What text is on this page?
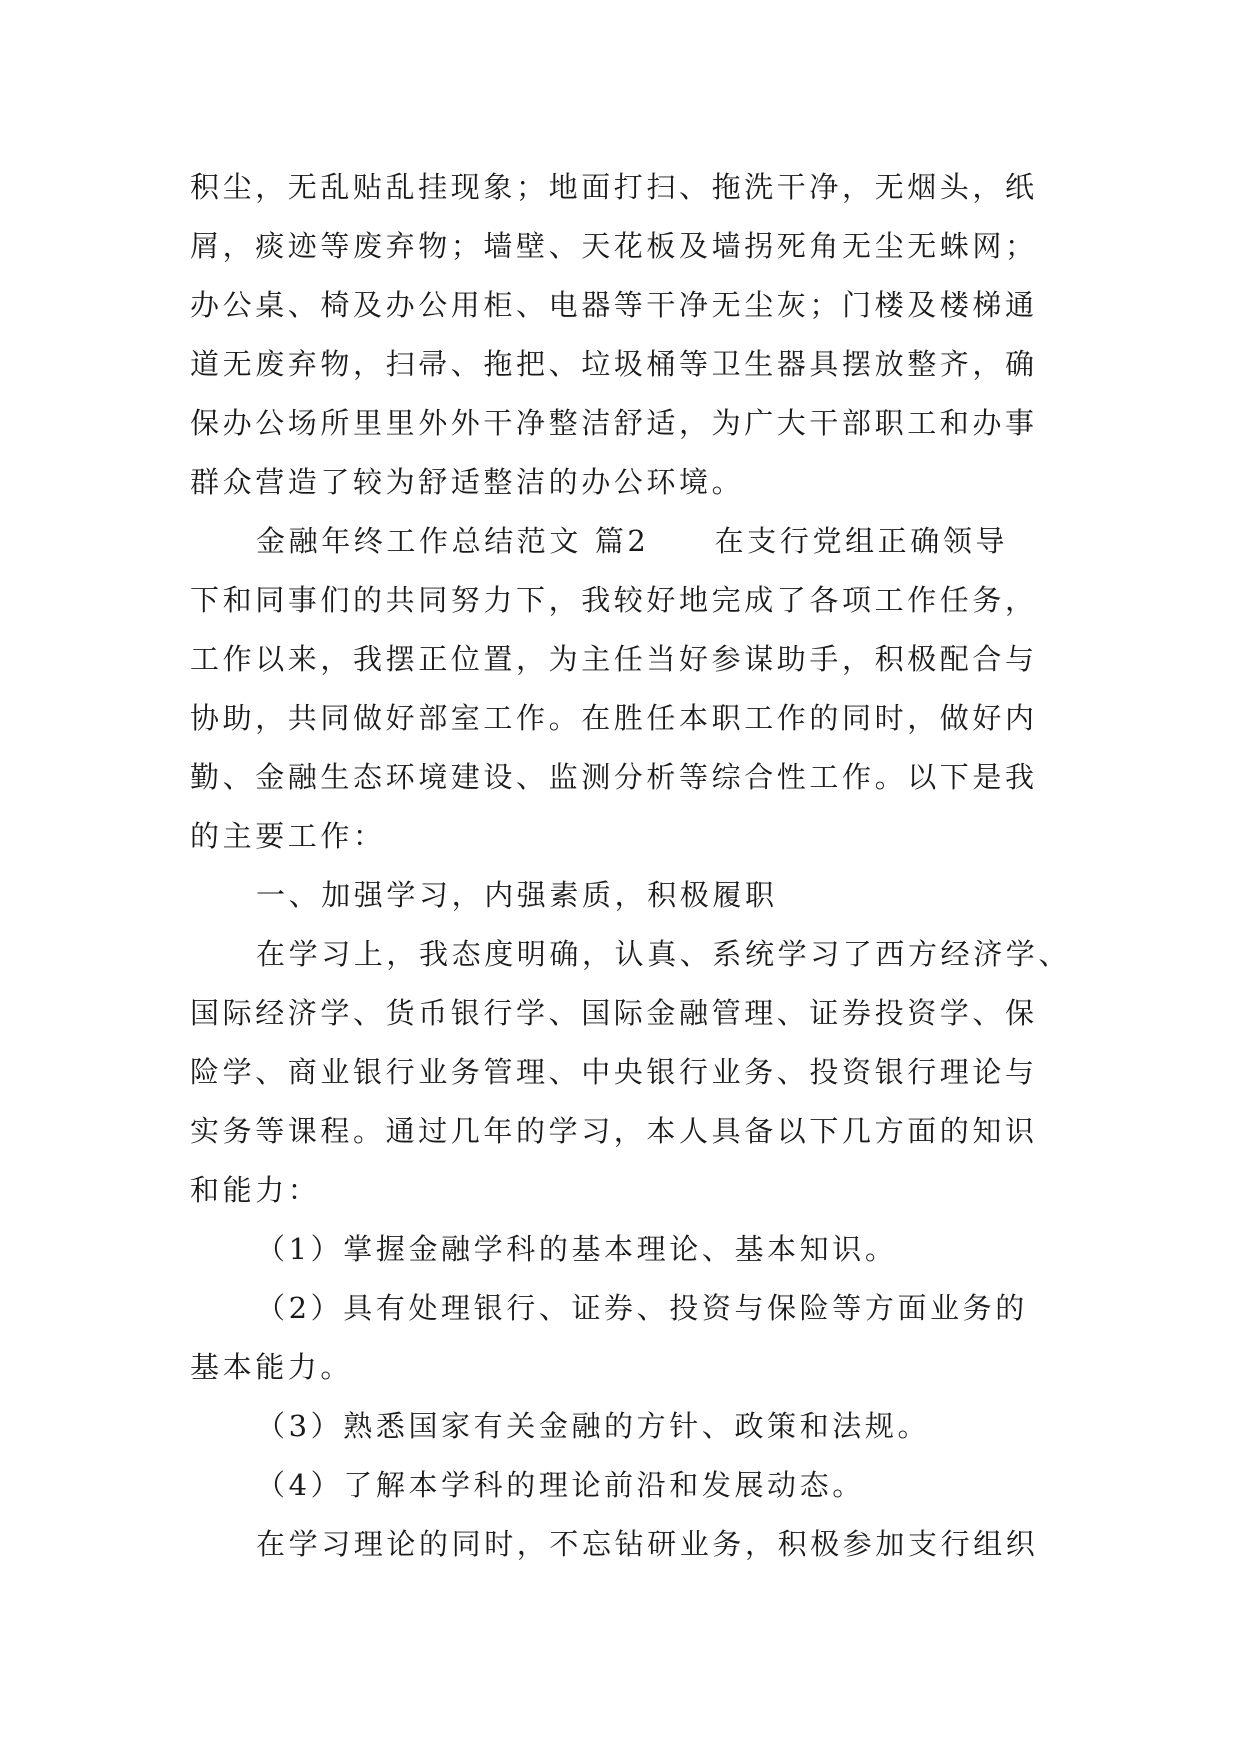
积尘，无乱贴乱挂现象；地面打扫、拖洗干净，无烟头，纸
屑，痰迹等废弃物；墙壁、天花板及墙拐死角无尘无蛛网；
办公桌、椅及办公用柜、电器等干净无尘灰；门楼及楼梯通
道无废弃物，扫帚、拖把、垃圾桶等卫生器具摆放整齐，确
保办公场所里里外外干净整洁舒适，为广大干部职工和办事
群众营造了较为舒适整洁的办公环境。

金融年终工作总结范文 篇2　　在支行党组正确领导
下和同事们的共同努力下，我较好地完成了各项工作任务，
工作以来，我摆正位置，为主任当好参谋助手，积极配合与
协助，共同做好部室工作。在胜任本职工作的同时，做好内
勤、金融生态环境建设、监测分析等综合性工作。以下是我
的主要工作：

一、加强学习，内强素质，积极履职

在学习上，我态度明确，认真、系统学习了西方经济学、
国际经济学、货币银行学、国际金融管理、证券投资学、保
险学、商业银行业务管理、中央银行业务、投资银行理论与
实务等课程。通过几年的学习，本人具备以下几方面的知识
和能力：

（1）掌握金融学科的基本理论、基本知识。

（2）具有处理银行、证券、投资与保险等方面业务的
基本能力。

（3）熟悉国家有关金融的方针、政策和法规。

（4）了解本学科的理论前沿和发展动态。

在学习理论的同时，不忘钻研业务，积极参加支行组织
